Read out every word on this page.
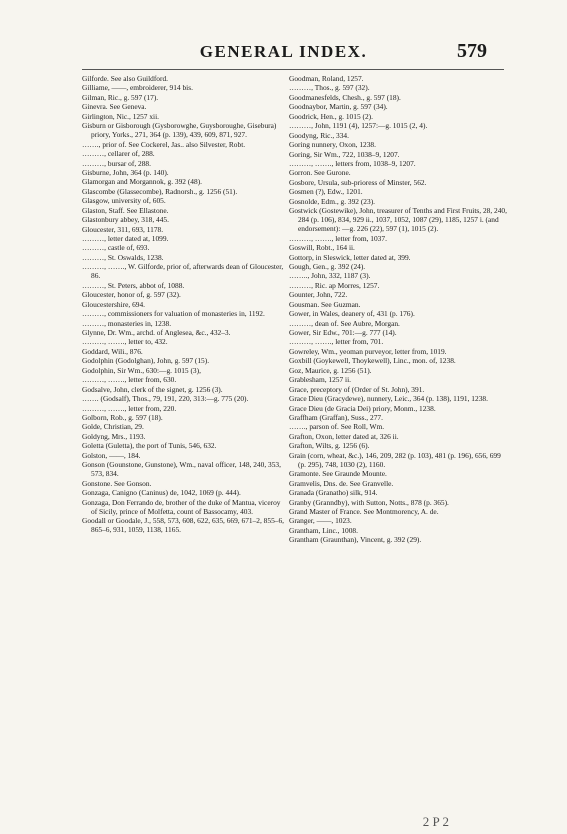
GENERAL INDEX.	579
Gilforde. See also Guildford.
Gilliame, ——, embroiderer, 914 bis.
Gilman, Ric., g. 597 (17).
Ginevra. See Geneva.
Girlington, Nic., 1257 xii.
Gisburn or Gisborough (Gysborowghe, Guysboroughe, Gisebura) priory, Yorks., 271, 364 (p. 139), 439, 609, 871, 927.
……., prior of. See Cockerel, Jas.. also Silvester, Robt.
………, cellarer of, 288.
………, bursar of, 288.
Gisburne, John, 364 (p. 140).
Glamorgan and Morgannok, g. 392 (48).
Glascombe (Glassecombe), Radnorsh., g. 1256 (51).
Glasgow, university of, 605.
Glaston, Staff. See Ellastone.
Glastonbury abbey, 318, 445.
Gloucester, 311, 693, 1178.
………, letter dated at, 1099.
………, castle of, 693.
………, St. Oswalds, 1238.
………, ……., W. Gilforde, prior of, afterwards dean of Gloucester, 86.
………, St. Peters, abbot of, 1088.
Gloucester, honor of, g. 597 (32).
Gloucestershire, 694.
………, commissioners for valuation of monasteries in, 1192.
………, monasteries in, 1238.
Glynne, Dr. Wm., archd. of Anglesea, &c., 432–3.
………, ……., letter to, 432.
Goddard, Wili., 876.
Godolphin (Godolghan), John, g. 597 (15).
Godolphin, Sir Wm., 630:—g. 1015 (3),
………, ……., letter from, 630.
Godsalve, John, clerk of the signet, g. 1256 (3).
……. (Godsalf), Thos., 79, 191, 220, 313:—g. 775 (20).
………, ……., letter from, 220.
Golborn, Rob., g. 597 (18).
Golde, Christian, 29.
Goldyng, Mrs., 1193.
Goletta (Guletta), the port of Tunis, 546, 632.
Golston, ——, 184.
Gonson (Gounstone, Gunstone), Wm., naval officer, 148, 240, 353, 573, 834.
Gonstone. See Gonson.
Gonzaga, Canigno (Caninus) de, 1042, 1069 (p. 444).
Gonzaga, Don Ferrando de, brother of the duke of Mantua, viceroy of Sicily, prince of Molfetta, count of Bassocamy, 403.
Goodall or Goodale, J., 558, 573, 608, 622, 635, 669, 671–2, 855–6, 865–6, 931, 1059, 1138, 1165.
Goodman, Roland, 1257.
………, Thos., g. 597 (32).
Goodmanesfelds, Chesh., g. 597 (18).
Goodnaybor, Martin, g. 597 (34).
Goodrick, Hen., g. 1015 (2).
………, John, 1191 (4), 1257:—g. 1015 (2, 4).
Goodyng, Ric., 334.
Goring nunnery, Oxon, 1238.
Goring, Sir Wm., 722, 1038–9, 1207.
………, ……., letters from, 1038–9, 1207.
Gorron. See Gurone.
Gosbore, Ursula, sub-prioress of Minster, 562.
Gosmen (?), Edw., 1201.
Gosnolde, Edm., g. 392 (23).
Gostwick (Gostewike), John, treasurer of Tenths and First Fruits, 28, 240, 284 (p. 106), 834, 929 ii., 1037, 1052, 1087 (29), 1185, 1257 i. (and endorsement): —g. 226 (22), 597 (1), 1015 (2).
………, ……., letter from, 1037.
Goswill, Robt., 164 ii.
Gottorp, in Sleswick, letter dated at, 399.
Gough, Gen., g. 392 (24).
…….., John, 332, 1187 (3).
………, Ric. ap Morres, 1257.
Gounter, John, 722.
Gousman. See Guzman.
Gower, in Wales, deanery of, 431 (p. 176).
………, dean of. See Aubre, Morgan.
Gower, Sir Edw., 701:—g. 777 (14).
………, ……., letter from, 701.
Gowreley, Wm., yeoman purveyor, letter from, 1019.
Goxbill (Goykewell, Thoykewell), Linc., mon. of, 1238.
Goz, Maurice, g. 1256 (51).
Grablesham, 1257 ii.
Grace, preceptory of (Order of St. John), 391.
Grace Dieu (Gracydewe), nunnery, Leic., 364 (p. 138), 1191, 1238.
Grace Dieu (de Gracia Dei) priory, Monm., 1238.
Graffham (Graffan), Suss., 277.
……., parson of. See Roll, Wm.
Grafton, Oxon, letter dated at, 326 ii.
Grafton, Wilts, g. 1256 (6).
Grain (corn, wheat, &c.), 146, 209, 282 (p. 103), 481 (p. 196), 656, 699 (p. 295), 748, 1030 (2), 1160.
Gramonte. See Graunde Mounte.
Gramvelis, Dns. de. See Granvelle.
Granada (Granatho) silk, 914.
Granby (Granndby), with Sutton, Notts., 878 (p. 365).
Grand Master of France. See Montmorency, A. de.
Granger, ——, 1023.
Grantham, Linc., 1008.
Grantham (Graunthan), Vincent, g. 392 (29).
2 P 2
